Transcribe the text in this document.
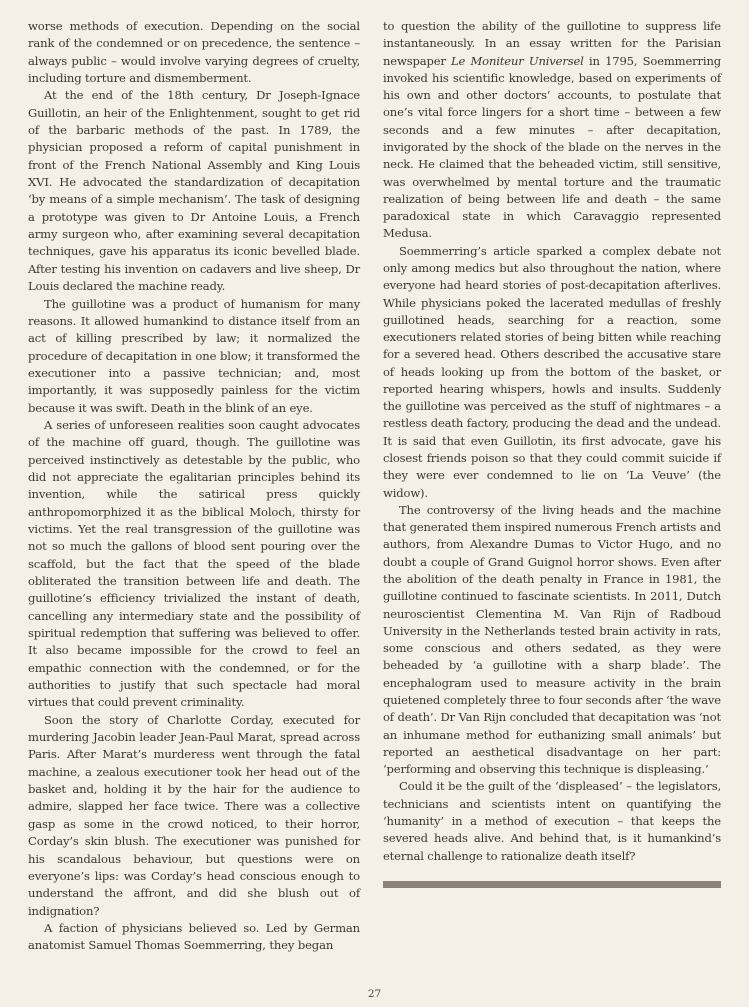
worse methods of execution. Depending on the social rank of the condemned or on precedence, the sentence – always public – would involve varying degrees of cruelty, including torture and dismemberment.

At the end of the 18th century, Dr Joseph-Ignace Guillotin, an heir of the Enlightenment, sought to get rid of the barbaric methods of the past. In 1789, the physician proposed a reform of capital punishment in front of the French National Assembly and King Louis XVI. He advocated the standardization of decapitation ‘by means of a simple mechanism’. The task of designing a prototype was given to Dr Antoine Louis, a French army surgeon who, after examining several decapitation techniques, gave his apparatus its iconic bevelled blade. After testing his invention on cadavers and live sheep, Dr Louis declared the machine ready.

The guillotine was a product of humanism for many reasons. It allowed humankind to distance itself from an act of killing prescribed by law; it normalized the procedure of decapitation in one blow; it transformed the executioner into a passive technician; and, most importantly, it was supposedly painless for the victim because it was swift. Death in the blink of an eye.

A series of unforeseen realities soon caught advocates of the machine off guard, though. The guillotine was perceived instinctively as detestable by the public, who did not appreciate the egalitarian principles behind its invention, while the satirical press quickly anthropomorphized it as the biblical Moloch, thirsty for victims. Yet the real transgression of the guillotine was not so much the gallons of blood sent pouring over the scaffold, but the fact that the speed of the blade obliterated the transition between life and death. The guillotine’s efficiency trivialized the instant of death, cancelling any intermediary state and the possibility of spiritual redemption that suffering was believed to offer. It also became impossible for the crowd to feel an empathic connection with the condemned, or for the authorities to justify that such spectacle had moral virtues that could prevent criminality.

Soon the story of Charlotte Corday, executed for murdering Jacobin leader Jean-Paul Marat, spread across Paris. After Marat’s murderess went through the fatal machine, a zealous executioner took her head out of the basket and, holding it by the hair for the audience to admire, slapped her face twice. There was a collective gasp as some in the crowd noticed, to their horror, Corday’s skin blush. The executioner was punished for his scandalous behaviour, but questions were on everyone’s lips: was Corday’s head conscious enough to understand the affront, and did she blush out of indignation?

A faction of physicians believed so. Led by German anatomist Samuel Thomas Soemmerring, they began

to question the ability of the guillotine to suppress life instantaneously. In an essay written for the Parisian newspaper Le Moniteur Universel in 1795, Soemmerring invoked his scientific knowledge, based on experiments of his own and other doctors’ accounts, to postulate that one’s vital force lingers for a short time – between a few seconds and a few minutes – after decapitation, invigorated by the shock of the blade on the nerves in the neck. He claimed that the beheaded victim, still sensitive, was overwhelmed by mental torture and the traumatic realization of being between life and death – the same paradoxical state in which Caravaggio represented Medusa.

Soemmerring’s article sparked a complex debate not only among medics but also throughout the nation, where everyone had heard stories of post-decapitation afterlives. While physicians poked the lacerated medullas of freshly guillotined heads, searching for a reaction, some executioners related stories of being bitten while reaching for a severed head. Others described the accusative stare of heads looking up from the bottom of the basket, or reported hearing whispers, howls and insults. Suddenly the guillotine was perceived as the stuff of nightmares – a restless death factory, producing the dead and the undead. It is said that even Guillotin, its first advocate, gave his closest friends poison so that they could commit suicide if they were ever condemned to lie on ‘La Veuve’ (the widow).

The controversy of the living heads and the machine that generated them inspired numerous French artists and authors, from Alexandre Dumas to Victor Hugo, and no doubt a couple of Grand Guignol horror shows. Even after the abolition of the death penalty in France in 1981, the guillotine continued to fascinate scientists. In 2011, Dutch neuroscientist Clementina M. Van Rijn of Radboud University in the Netherlands tested brain activity in rats, some conscious and others sedated, as they were beheaded by ‘a guillotine with a sharp blade’. The encephalogram used to measure activity in the brain quietened completely three to four seconds after ‘the wave of death’. Dr Van Rijn concluded that decapitation was ‘not an inhumane method for euthanizing small animals’ but reported an aesthetical disadvantage on her part: ‘performing and observing this technique is displeasing.’

Could it be the guilt of the ‘displeased’ – the legislators, technicians and scientists intent on quantifying the ‘humanity’ in a method of execution – that keeps the severed heads alive. And behind that, is it humankind’s eternal challenge to rationalize death itself?

27
